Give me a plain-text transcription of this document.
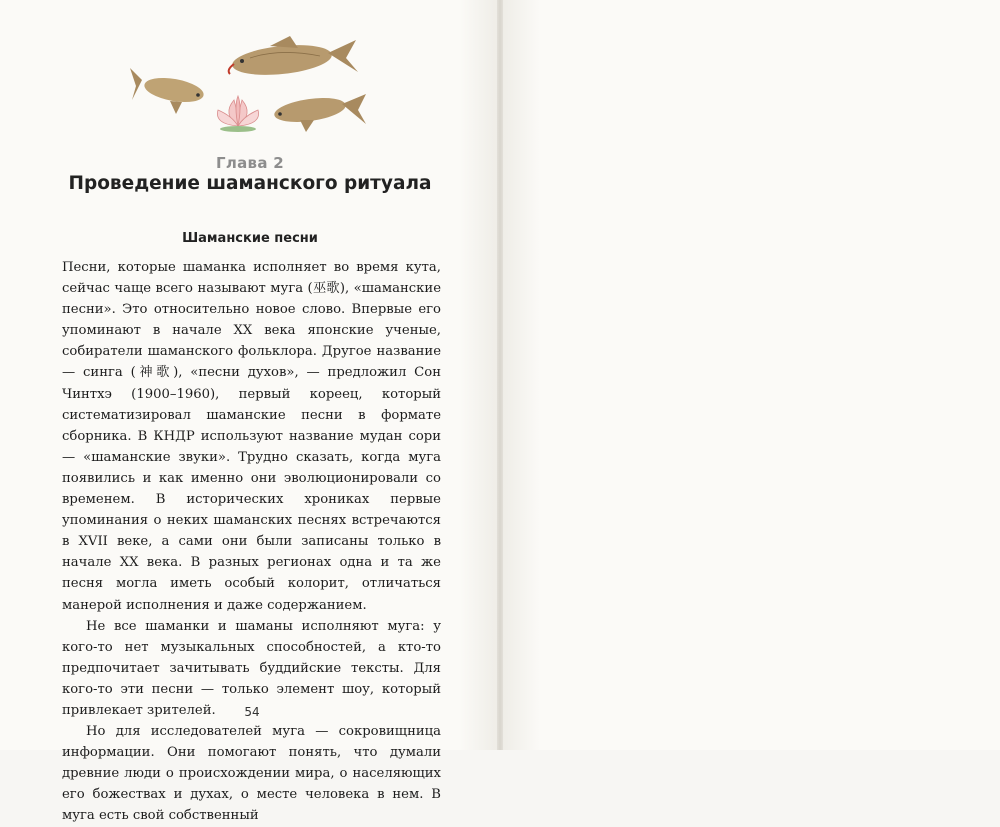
Глава 2
Проведение шаманского ритуала
Шаманские песни

Песни, которые шаманка исполняет во время кута, сейчас чаще всего называют муга (巫歌), «шаманские песни». Это относительно новое слово. Впервые его упоминают в начале XX века японские ученые, собиратели шаманского фольклора. Другое название — синга (神歌), «песни духов», — предложил Сон Чинтхэ (1900–1960), первый кореец, который систематизировал шаманские песни в формате сборника. В КНДР используют название мудан сори — «шаманские звуки». Трудно сказать, когда муга появились и как именно они эволюционировали со временем. В исторических хрониках первые упоминания о неких шаманских песнях встречаются в XVII веке, а сами они были записаны только в начале XX века. В разных регионах одна и та же песня могла иметь особый колорит, отличаться манерой исполнения и даже содержанием.

Не все шаманки и шаманы исполняют муга: у кого-то нет музыкальных способностей, а кто-то предпочитает зачитывать буддийские тексты. Для кого-то эти песни — только элемент шоу, который привлекает зрителей.

Но для исследователей муга — сокровищница информации. Они помогают понять, что думали древние люди о происхождении мира, о населяющих его божествах и духах, о месте человека в нем. В муга есть свой собственный

54
